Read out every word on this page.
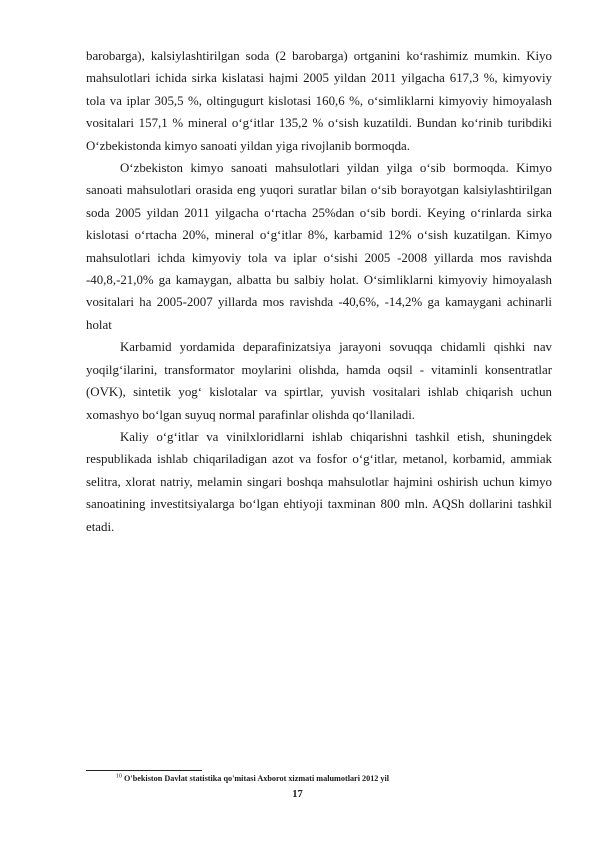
barobarga), kalsiylashtirilgan soda (2 barobarga) ortganini ko‘rashimiz mumkin. Kiyo mahsulotlari ichida sirka kislatasi hajmi 2005 yildan 2011 yilgacha 617,3 %, kimyoviy tola va iplar 305,5 %, oltingugurt kislotasi 160,6 %, o‘simliklarni kimyoviy himoyalash vositalari 157,1 % mineral o‘g‘itlar 135,2 % o‘sish kuzatildi. Bundan ko‘rinib turibdiki O‘zbekistonda kimyo sanoati yildan yiga rivojlanib bormoqda.

O‘zbekiston kimyo sanoati mahsulotlari yildan yilga o‘sib bormoqda. Kimyo sanoati mahsulotlari orasida eng yuqori suratlar bilan o‘sib borayotgan kalsiylashtirilgan soda 2005 yildan 2011 yilgacha o‘rtacha 25%dan o‘sib bordi. Keying o‘rinlarda sirka kislotasi o‘rtacha 20%, mineral o‘g‘itlar 8%, karbamid 12% o‘sish kuzatilgan. Kimyo mahsulotlari ichda kimyoviy tola va iplar o‘sishi 2005 -2008 yillarda mos ravishda -40,8,-21,0% ga kamaygan, albatta bu salbiy holat. O‘simliklarni kimyoviy himoyalash vositalari ha 2005-2007 yillarda mos ravishda -40,6%, -14,2% ga kamaygani achinarli holat

Karbamid yordamida deparafinizatsiya jarayoni sovuqqa chidamli qishki nav yoqilg‘ilarini, transformator moylarini olishda, hamda oqsil - vitaminli konsentratlar (OVK), sintetik yog‘ kislotalar va spirtlar, yuvish vositalari ishlab chiqarish uchun xomashyo bo‘lgan suyuq normal parafinlar olishda qo‘llaniladi.

Kaliy o‘g‘itlar va vinilxloridlarni ishlab chiqarishni tashkil etish, shuningdek respublikada ishlab chiqariladigan azot va fosfor o‘g‘itlar, metanol, korbamid, ammiak selitra, xlorat natriy, melamin singari boshqa mahsulotlar hajmini oshirish uchun kimyo sanoatining investitsiyalarga bo‘lgan ehtiyoji taxminan 800 mln. AQSh dollarini tashkil etadi.

$^{10}$ O'bekiston Davlat statistika qo'mitasi Axborot xizmati malumotlari 2012 yil
17
